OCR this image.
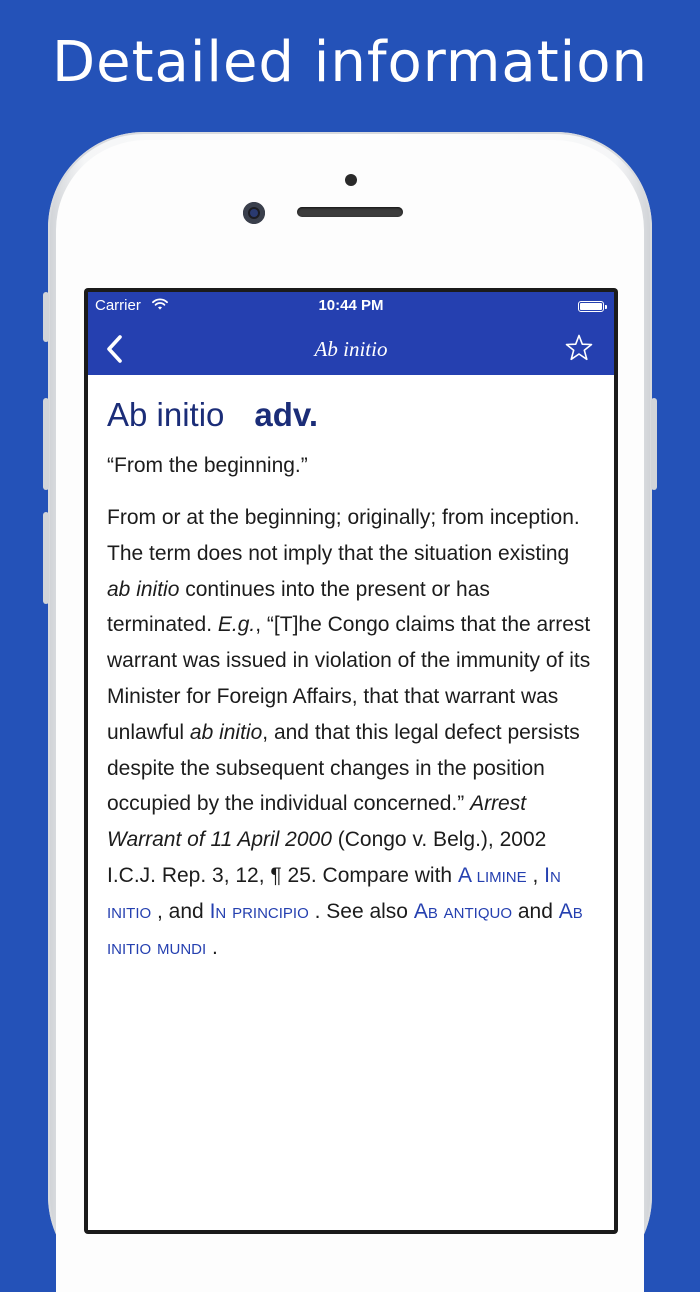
Detailed information
Carrier	10:44 PM
Ab initio
Ab initio adv.
“From the beginning.”
From or at the beginning; originally; from inception. The term does not imply that the situation existing ab initio continues into the present or has terminated. E.g., “[T]he Congo claims that the arrest warrant was issued in violation of the immunity of its Minister for Foreign Affairs, that that warrant was unlawful ab initio, and that this legal defect persists despite the subsequent changes in the position occupied by the individual concerned.” Arrest Warrant of 11 April 2000 (Congo v. Belg.), 2002 I.C.J. Rep. 3, 12, ¶ 25. Compare with A limine , In initio , and In principio . See also Ab antiquo and Ab initio mundi .
